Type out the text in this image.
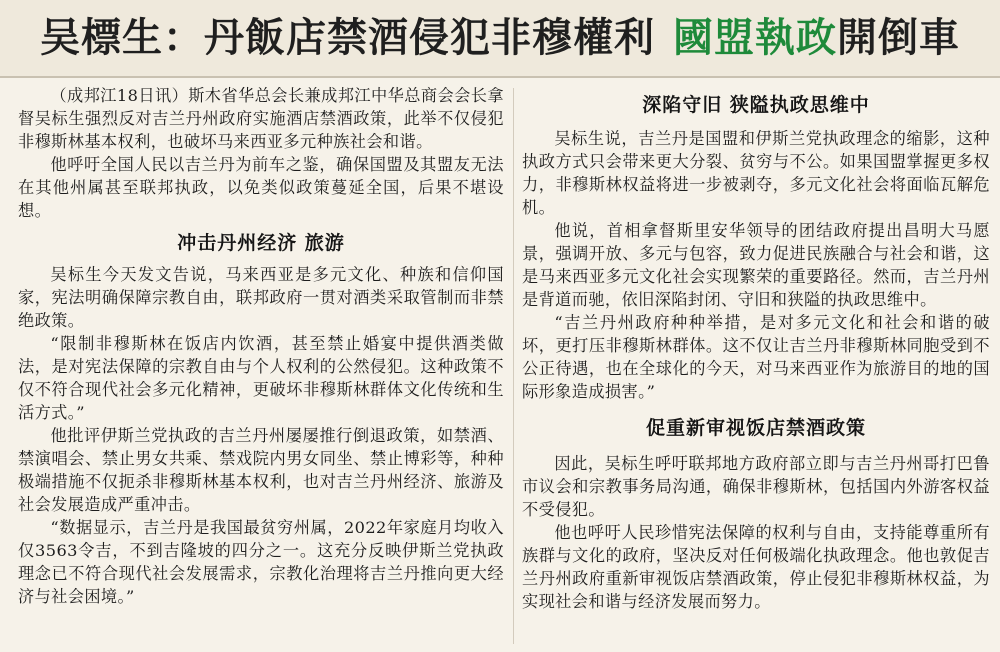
吴標生：丹飯店禁酒侵犯非穆權利 國盟執政開倒車

（成邦江18日讯）斯木省华总会长兼成邦江中华总商会会长拿督吴标生强烈反对吉兰丹州政府实施酒店禁酒政策，此举不仅侵犯非穆斯林基本权利，也破坏马来西亚多元种族社会和谐。

他呼吁全国人民以吉兰丹为前车之鉴，确保国盟及其盟友无法在其他州属甚至联邦执政，以免类似政策蔓延全国，后果不堪设想。

冲击丹州经济 旅游

吴标生今天发文告说，马来西亚是多元文化、种族和信仰国家，宪法明确保障宗教自由，联邦政府一贯对酒类采取管制而非禁绝政策。

“限制非穆斯林在饭店内饮酒，甚至禁止婚宴中提供酒类做法，是对宪法保障的宗教自由与个人权利的公然侵犯。这种政策不仅不符合现代社会多元化精神，更破坏非穆斯林群体文化传统和生活方式。”

他批评伊斯兰党执政的吉兰丹州屡屡推行倒退政策，如禁酒、禁演唱会、禁止男女共乘、禁戏院内男女同坐、禁止博彩等，种种极端措施不仅扼杀非穆斯林基本权利，也对吉兰丹州经济、旅游及社会发展造成严重冲击。

“数据显示，吉兰丹是我国最贫穷州属，2022年家庭月均收入仅3563令吉，不到吉隆坡的四分之一。这充分反映伊斯兰党执政理念已不符合现代社会发展需求，宗教化治理将吉兰丹推向更大经济与社会困境。”

深陷守旧 狭隘执政思维中

吴标生说，吉兰丹是国盟和伊斯兰党执政理念的缩影，这种执政方式只会带来更大分裂、贫穷与不公。如果国盟掌握更多权力，非穆斯林权益将进一步被剥夺，多元文化社会将面临瓦解危机。

他说，首相拿督斯里安华领导的团结政府提出昌明大马愿景，强调开放、多元与包容，致力促进民族融合与社会和谐，这是马来西亚多元文化社会实现繁荣的重要路径。然而，吉兰丹州是背道而驰，依旧深陷封闭、守旧和狭隘的执政思维中。

“吉兰丹州政府种种举措，是对多元文化和社会和谐的破坏，更打压非穆斯林群体。这不仅让吉兰丹非穆斯林同胞受到不公正待遇，也在全球化的今天，对马来西亚作为旅游目的地的国际形象造成损害。”

促重新审视饭店禁酒政策

因此，吴标生呼吁联邦地方政府部立即与吉兰丹州哥打巴鲁市议会和宗教事务局沟通，确保非穆斯林，包括国内外游客权益不受侵犯。

他也呼吁人民珍惜宪法保障的权利与自由，支持能尊重所有族群与文化的政府，坚决反对任何极端化执政理念。他也敦促吉兰丹州政府重新审视饭店禁酒政策，停止侵犯非穆斯林权益，为实现社会和谐与经济发展而努力。
